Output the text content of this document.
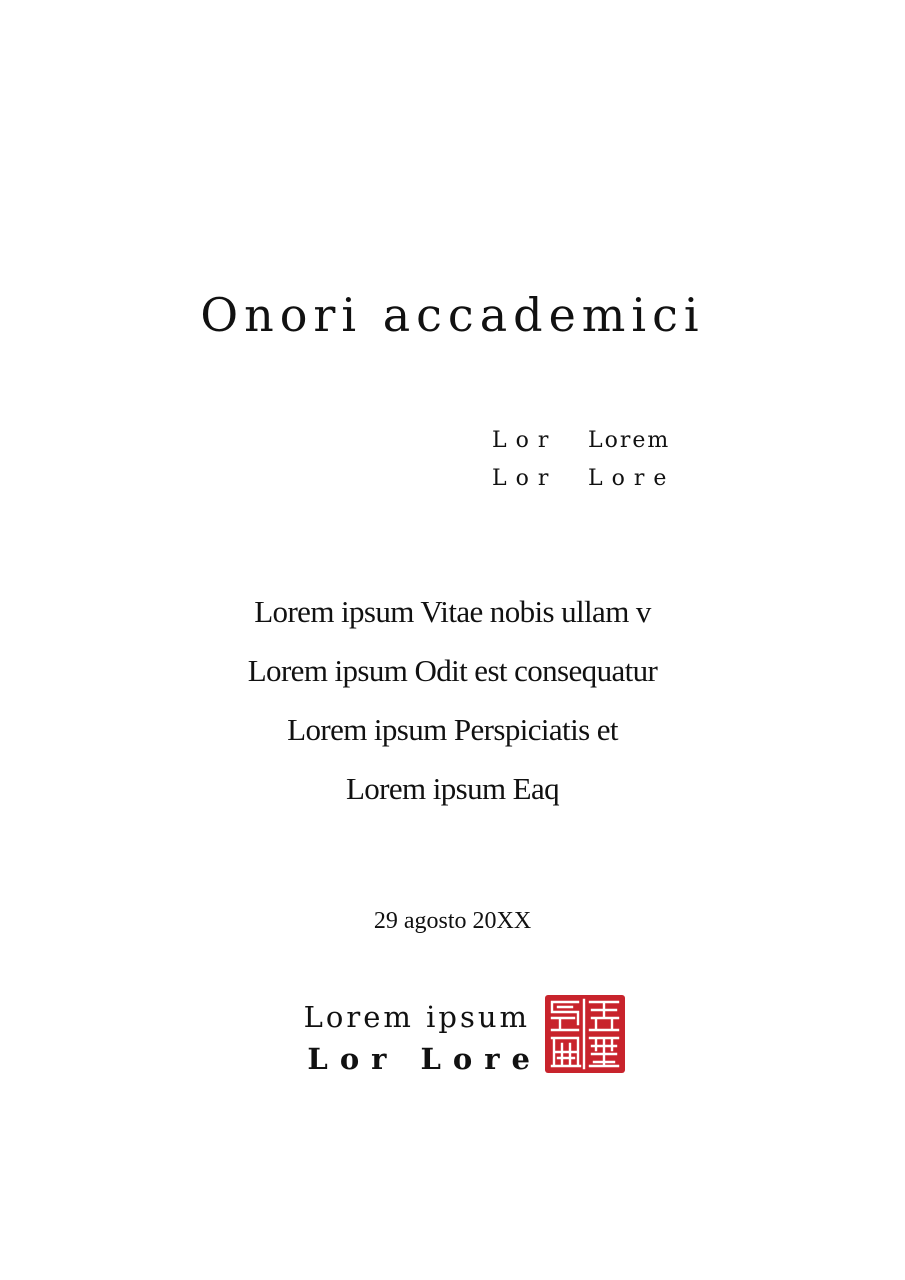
Onori accademici
Lor	Lorem
Lor	Lore
Lorem ipsum Vitae nobis ullam v
Lorem ipsum Odit est consequatur
Lorem ipsum Perspiciatis et
Lorem ipsum Eaq
29 agosto 20XX
Lorem ipsum
Lor Lore
